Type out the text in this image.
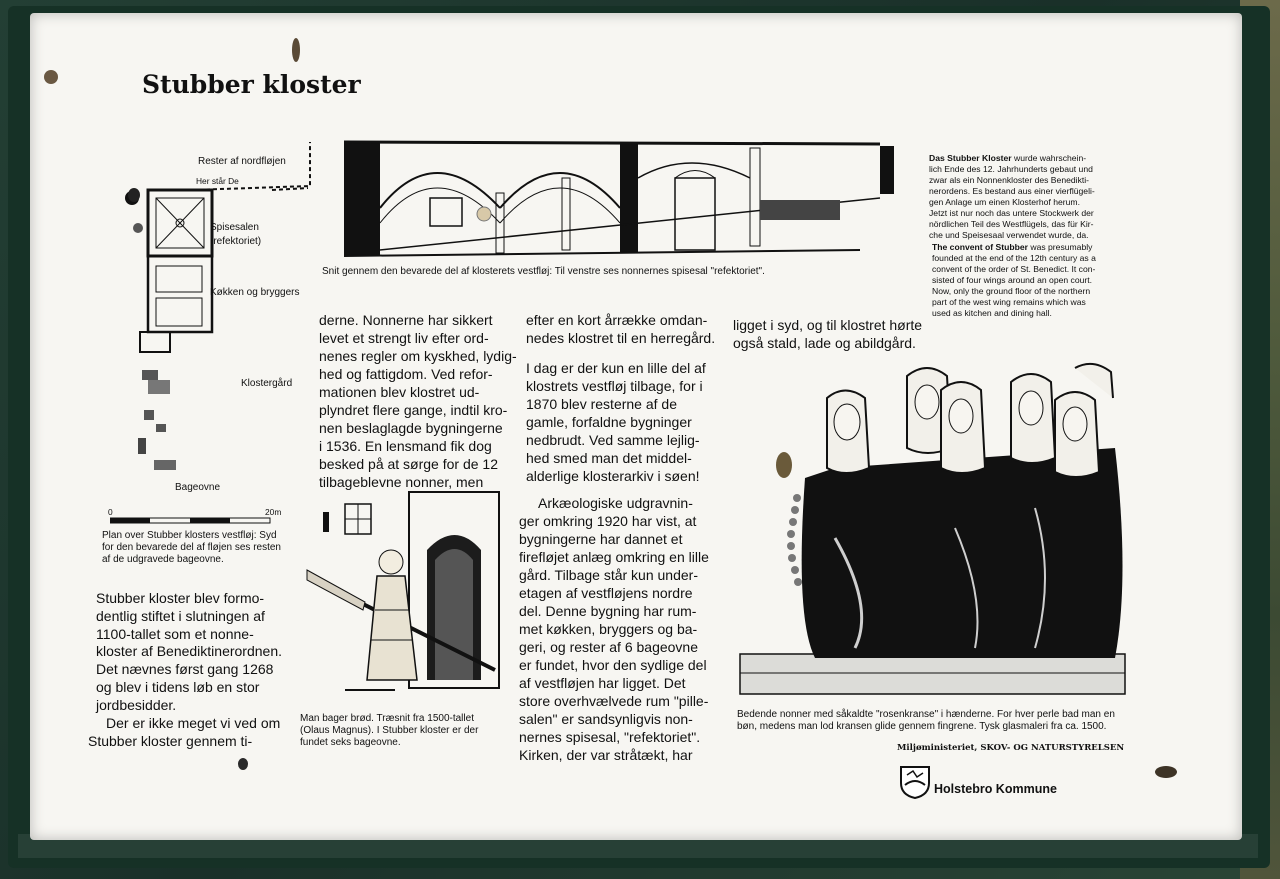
Stubber kloster
Snit gennem den bevarede del af klosterets vestfløj: Til venstre ses nonnernes spisesal "refektoriet".
Rester af nordfløjen
Her står De
Spisesalen
(refektoriet)
Køkken og bryggers
Klostergård
Bageovne
0	20m
Plan over Stubber klosters vestfløj: Syd
for den bevarede del af fløjen ses resten
af de udgravede bageovne.
Das Stubber Kloster wurde wahrschein-
lich Ende des 12. Jahrhunderts gebaut und
zwar als ein Nonnenkloster des Benedikti-
nerordens. Es bestand aus einer vierflügeli-
gen Anlage um einen Klosterhof herum.
Jetzt ist nur noch das untere Stockwerk der
nördlichen Teil des Westflügels, das für Kir-
che und Speisesaal verwendet wurde, da.
The convent of Stubber was presumably
founded at the end of the 12th century as a
convent of the order of St. Benedict. It con-
sisted of four wings around an open court.
Now, only the ground floor of the northern
part of the west wing remains which was
used as kitchen and dining hall.
Stubber kloster blev formo-
dentlig stiftet i slutningen af
1100-tallet som et nonne-
kloster af Benediktinerordnen.
Det nævnes først gang 1268
og blev i tidens løb en stor
jordbesidder.
Der er ikke meget vi ved om
Stubber kloster gennem ti-
derne. Nonnerne har sikkert
levet et strengt liv efter ord-
nenes regler om kyskhed, lydig-
hed og fattigdom. Ved refor-
mationen blev klostret ud-
plyndret flere gange, indtil kro-
nen beslaglagde bygningerne
i 1536. En lensmand fik dog
besked på at sørge for de 12
tilbageblevne nonner, men
Man bager brød. Træsnit fra 1500-tallet
(Olaus Magnus). I Stubber kloster er der
fundet seks bageovne.
efter en kort årrække omdan-
nedes klostret til en herregård.
I dag er der kun en lille del af
klostrets vestfløj tilbage, for i
1870 blev resterne af de
gamle, forfaldne bygninger
nedbrudt. Ved samme lejlig-
hed smed man det middel-
alderlige klosterarkiv i søen!
Arkæologiske udgravnin-
ger omkring 1920 har vist, at
bygningerne har dannet et
firefløjet anlæg omkring en lille
gård. Tilbage står kun under-
etagen af vestfløjens nordre
del. Denne bygning har rum-
met køkken, bryggers og ba-
geri, og rester af 6 bageovne
er fundet, hvor den sydlige del
af vestfløjen har ligget. Det
store overhvælvede rum "pille-
salen" er sandsynligvis non-
nernes spisesal, "refektoriet".
Kirken, der var stråtækt, har
ligget i syd, og til klostret hørte
også stald, lade og abildgård.
Bedende nonner med såkaldte "rosenkranse" i hænderne. For hver perle bad man en
bøn, medens man lod kransen glide gennem fingrene. Tysk glasmaleri fra ca. 1500.
Miljøministeriet, SKOV- OG NATURSTYRELSEN
Holstebro Kommune
